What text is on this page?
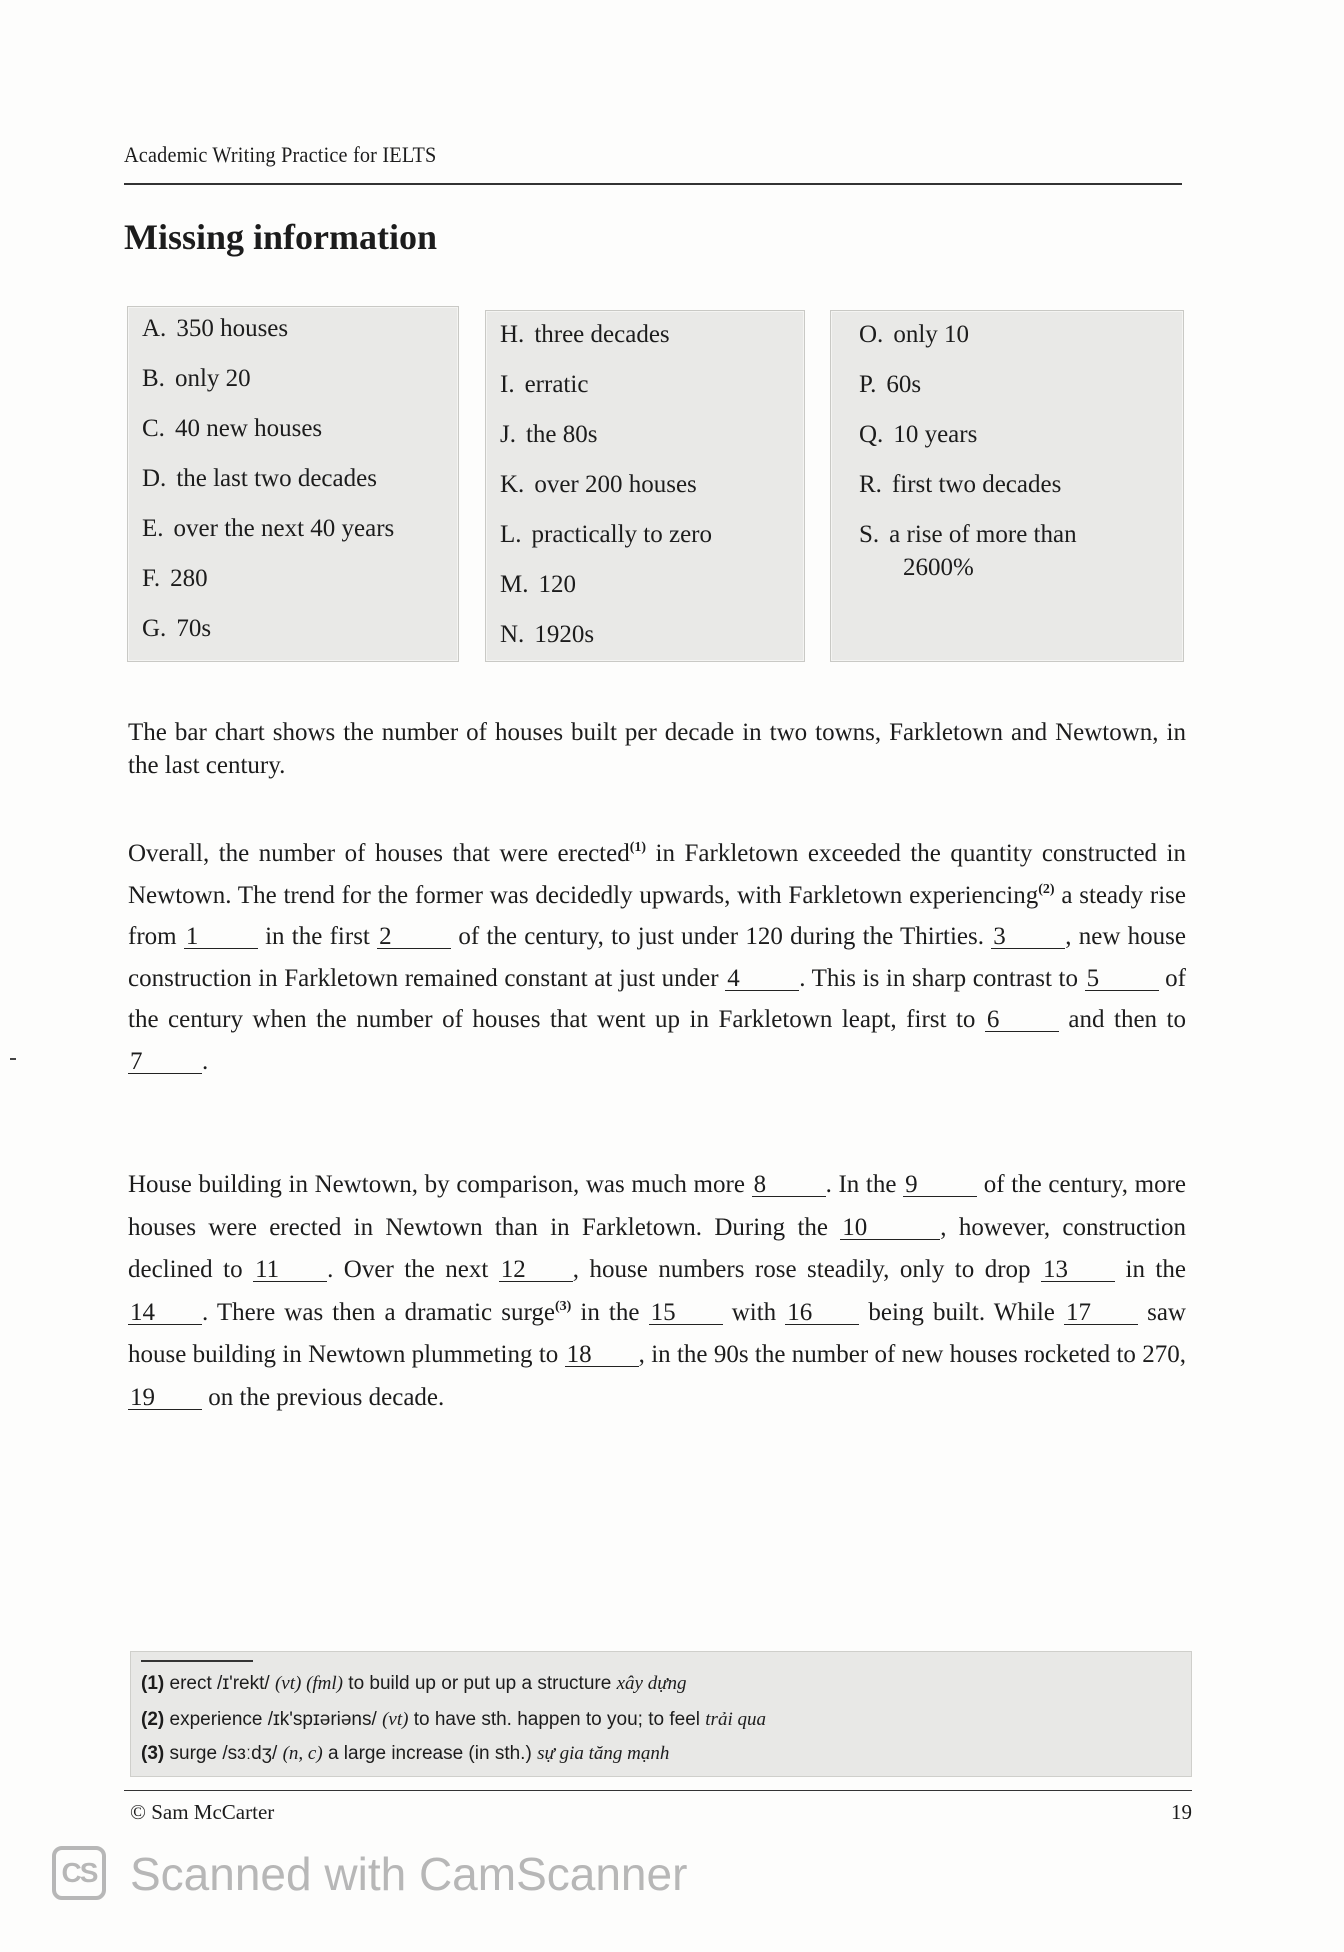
Academic Writing Practice for IELTS
Missing information
A. 350 houses
B. only 20
C. 40 new houses
D. the last two decades
E. over the next 40 years
F. 280
G. 70s
H. three decades
I. erratic
J. the 80s
K. over 200 houses
L. practically to zero
M. 120
N. 1920s
O. only 10
P. 60s
Q. 10 years
R. first two decades
S. a rise of more than
2600%

The bar chart shows the number of houses built per decade in two towns, Farkletown and Newtown, in the last century.

Overall, the number of houses that were erected$^{(1)}$ in Farkletown exceeded the quantity constructed in Newtown. The trend for the former was decidedly upwards, with Farkletown experiencing$^{(2)}$ a steady rise from 1 in the first 2 of the century, to just under 120 during the Thirties. 3 , new house construction in Farkletown remained constant at just under 4 . This is in sharp contrast to 5 of the century when the number of houses that went up in Farkletown leapt, first to 6 and then to 7 .

House building in Newtown, by comparison, was much more 8 . In the 9 of the century, more houses were erected in Newtown than in Farkletown. During the 10	, however, construction declined to 11 . Over the next 12 , house numbers rose steadily, only to drop 13 in the 14 . There was then a dramatic surge$^{(3)}$ in the 15 with 16 being built. While 17 saw house building in Newtown plummeting to 18 , in the 90s the number of new houses rocketed to 270, 19 on the previous decade.

(1) erect /ɪ'rekt/ (vt) (fml) to build up or put up a structure xây dựng
(2) experience /ɪk'spɪəriəns/ (vt) to have sth. happen to you; to feel trải qua
(3) surge /sɜːdʒ/ (n, c) a large increase (in sth.) sự gia tăng mạnh
© Sam McCarter	19
CS Scanned with CamScanner
